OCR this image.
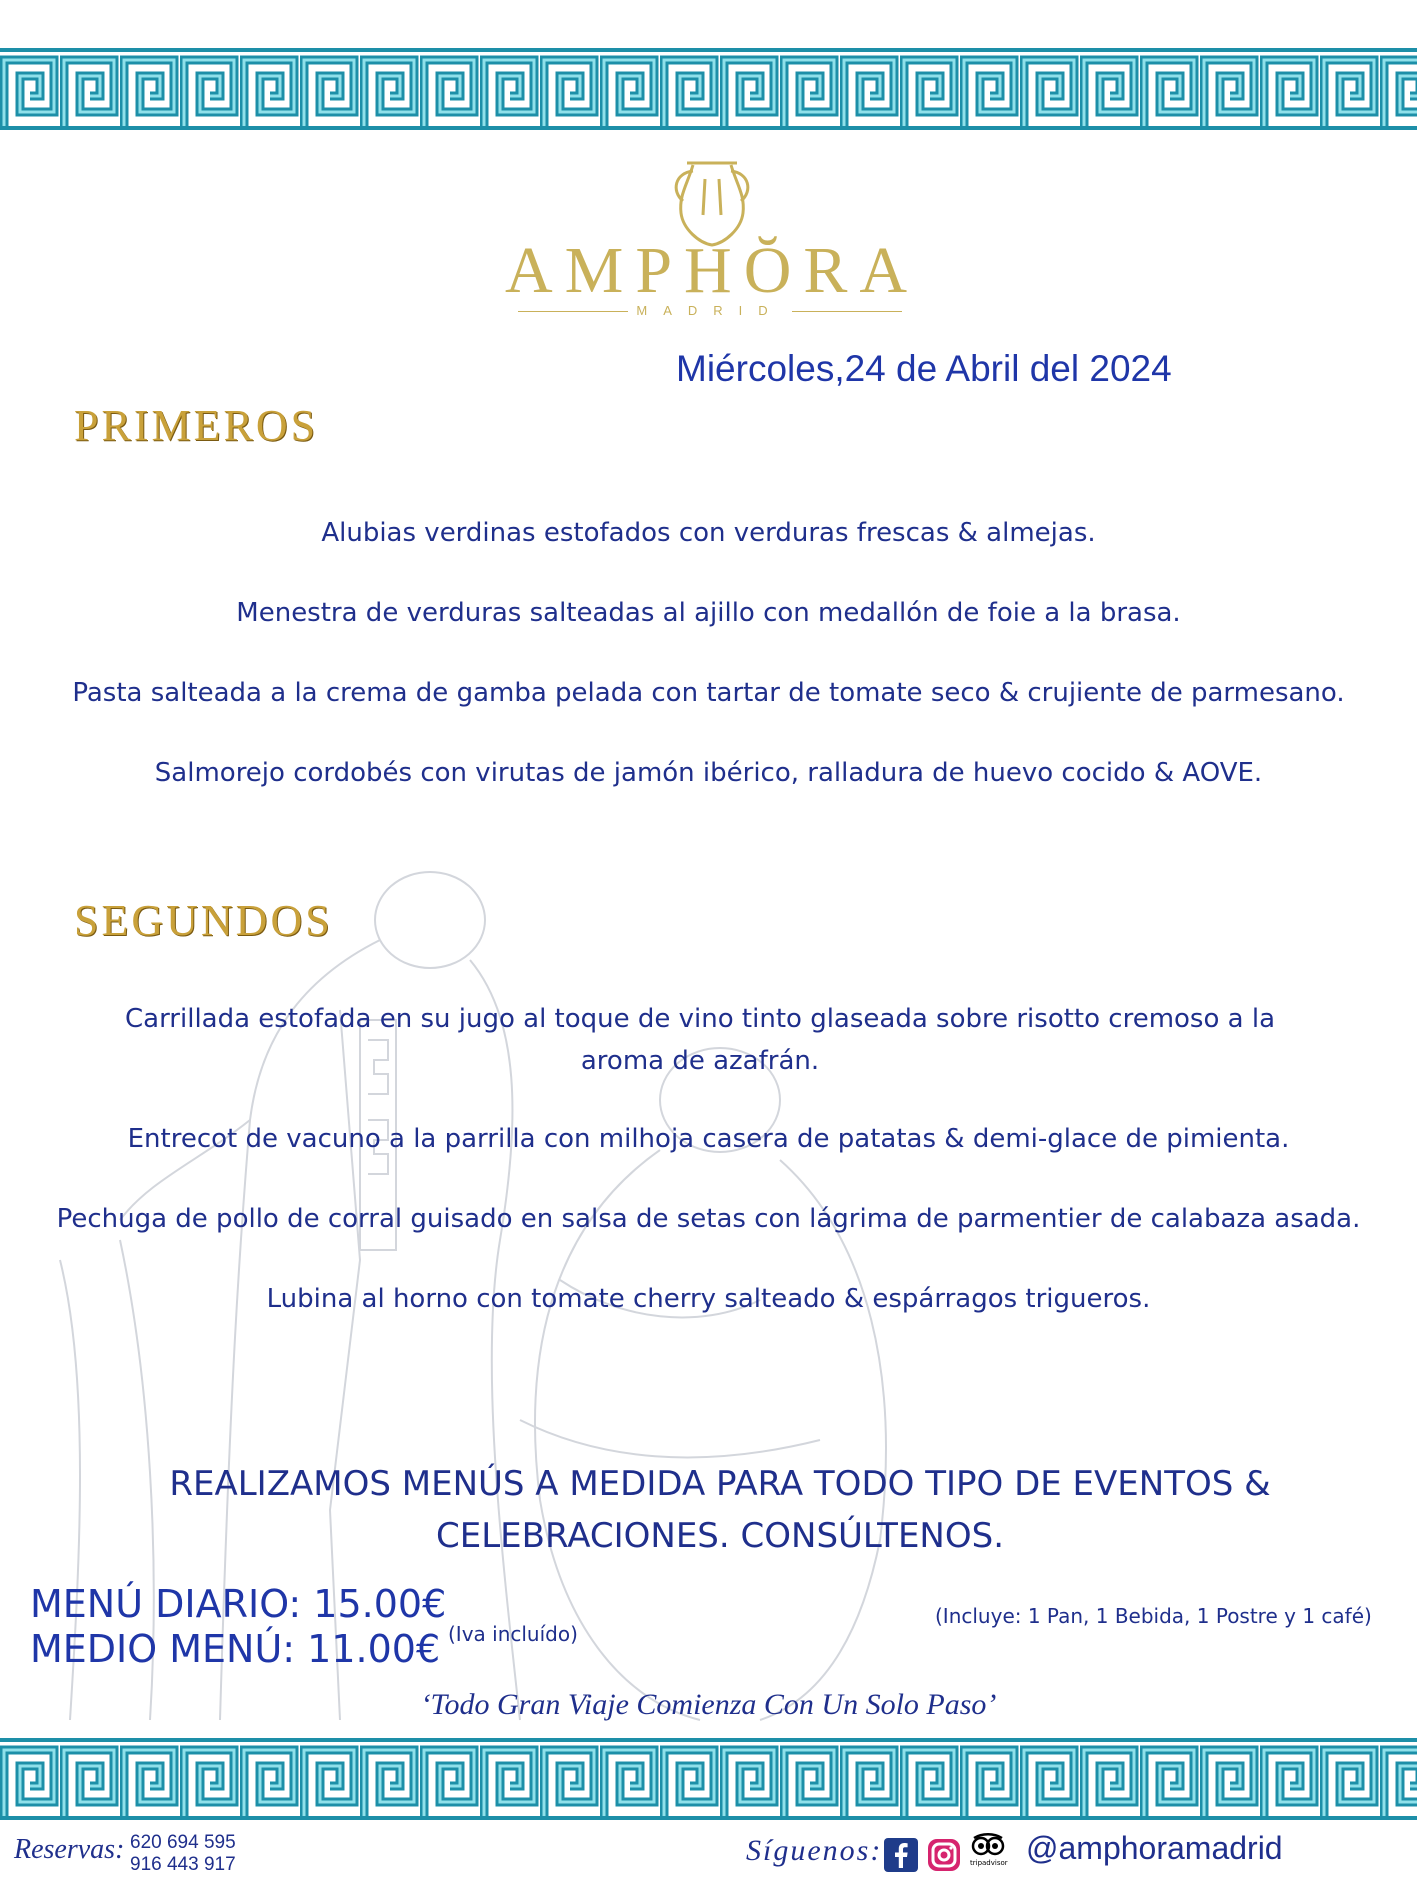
AMPHŎRA
MADRID
Miércoles,24 de Abril del 2024
PRIMEROS
Alubias verdinas estofados con verduras frescas & almejas.
Menestra de verduras salteadas al ajillo con medallón de foie a la brasa.
Pasta salteada a la crema de gamba pelada con tartar de tomate seco & crujiente de parmesano.
Salmorejo cordobés con virutas de jamón ibérico, ralladura de huevo cocido & AOVE.
SEGUNDOS
Carrillada estofada en su jugo al toque de vino tinto glaseada sobre risotto cremoso a la aroma de azafrán.
Entrecot de vacuno a la parrilla con milhoja casera de patatas & demi-glace de pimienta.
Pechuga de pollo de corral guisado en salsa de setas con lágrima de parmentier de calabaza asada.
Lubina al horno con tomate cherry salteado & espárragos trigueros.
REALIZAMOS MENÚS A MEDIDA PARA TODO TIPO DE EVENTOS & CELEBRACIONES. CONSÚLTENOS.
MENÚ DIARIO: 15.00€
MEDIO MENÚ: 11.00€ (Iva incluído)
(Incluye: 1 Pan, 1 Bebida, 1 Postre y 1 café)
‘Todo Gran Viaje Comienza Con Un Solo Paso’
Reservas: 620 694 595
916 443 917	Síguenos:	tripadvisor @amphoramadrid
